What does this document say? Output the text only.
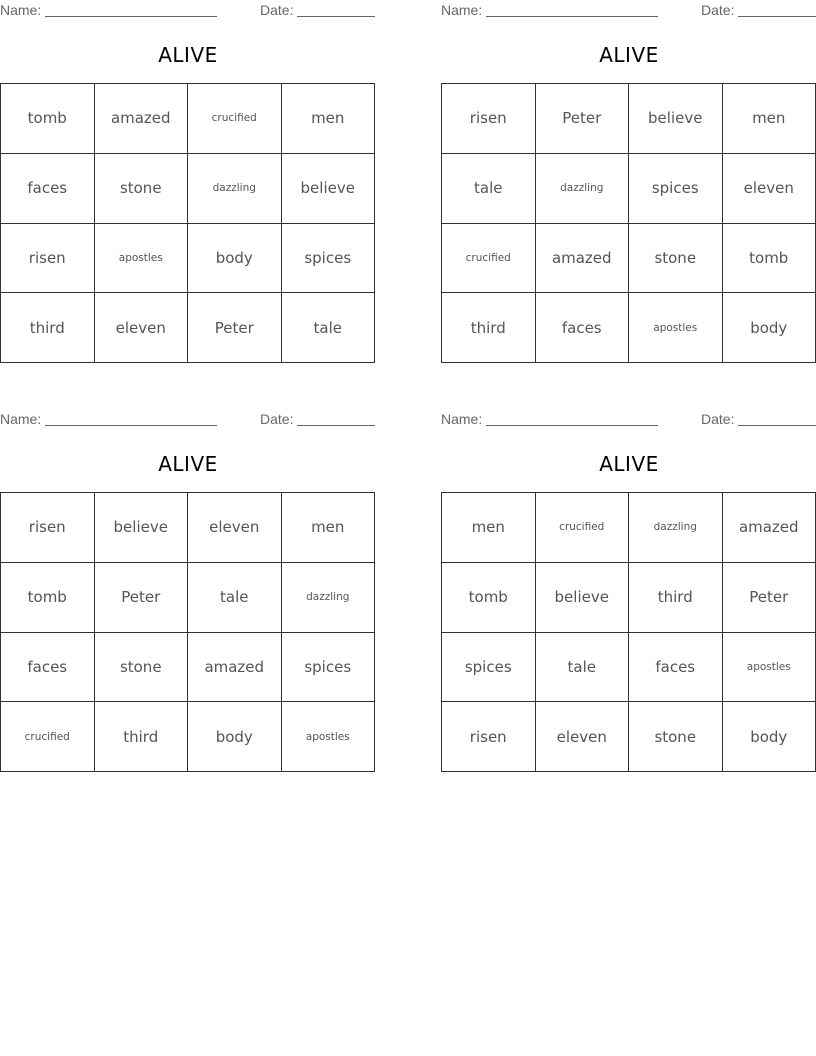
Name:	Date:
ALIVE
tomb	amazed	crucified	men
faces	stone	dazzling	believe
risen	apostles	body	spices
third	eleven	Peter	tale
Name:	Date:
ALIVE
risen	Peter	believe	men
tale	dazzling	spices	eleven
crucified	amazed	stone	tomb
third	faces	apostles	body
Name:	Date:
ALIVE
risen	believe	eleven	men
tomb	Peter	tale	dazzling
faces	stone	amazed	spices
crucified	third	body	apostles
Name:	Date:
ALIVE
men	crucified	dazzling	amazed
tomb	believe	third	Peter
spices	tale	faces	apostles
risen	eleven	stone	body
